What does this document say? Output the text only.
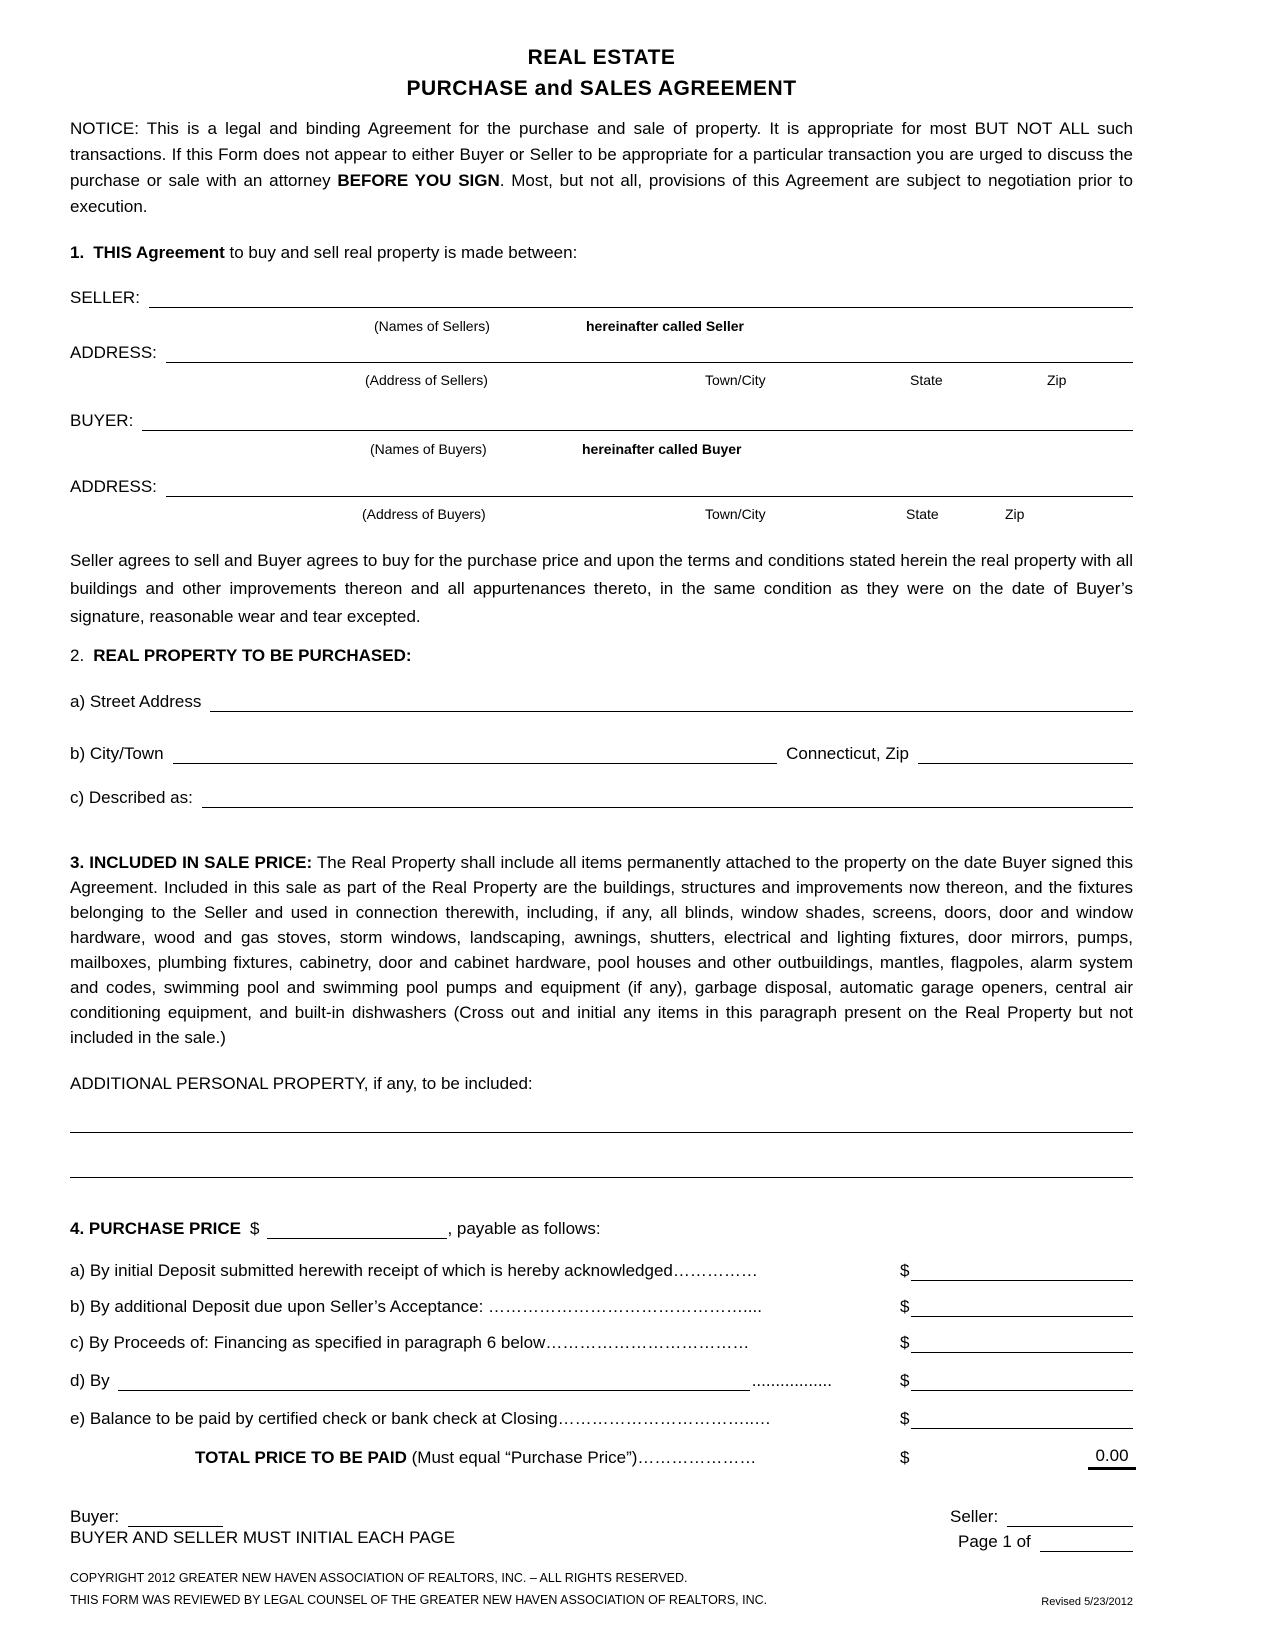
REAL ESTATE
PURCHASE and SALES AGREEMENT

NOTICE: This is a legal and binding Agreement for the purchase and sale of property. It is appropriate for most BUT NOT ALL such transactions. If this Form does not appear to either Buyer or Seller to be appropriate for a particular transaction you are urged to discuss the purchase or sale with an attorney BEFORE YOU SIGN. Most, but not all, provisions of this Agreement are subject to negotiation prior to execution.

1. THIS Agreement to buy and sell real property is made between:
SELLER:
(Names of Sellers)	hereinafter called Seller
ADDRESS:
(Address of Sellers)	Town/City	State	Zip
BUYER:
(Names of Buyers)	hereinafter called Buyer
ADDRESS:
(Address of Buyers)	Town/City	State	Zip

Seller agrees to sell and Buyer agrees to buy for the purchase price and upon the terms and conditions stated herein the real property with all buildings and other improvements thereon and all appurtenances thereto, in the same condition as they were on the date of Buyer’s signature, reasonable wear and tear excepted.

2. REAL PROPERTY TO BE PURCHASED:
a) Street Address
b) City/Town	Connecticut, Zip
c) Described as:

3. INCLUDED IN SALE PRICE: The Real Property shall include all items permanently attached to the property on the date Buyer signed this Agreement. Included in this sale as part of the Real Property are the buildings, structures and improvements now thereon, and the fixtures belonging to the Seller and used in connection therewith, including, if any, all blinds, window shades, screens, doors, door and window hardware, wood and gas stoves, storm windows, landscaping, awnings, shutters, electrical and lighting fixtures, door mirrors, pumps, mailboxes, plumbing fixtures, cabinetry, door and cabinet hardware, pool houses and other outbuildings, mantles, flagpoles, alarm system and codes, swimming pool and swimming pool pumps and equipment (if any), garbage disposal, automatic garage openers, central air conditioning equipment, and built-in dishwashers (Cross out and initial any items in this paragraph present on the Real Property but not included in the sale.)

ADDITIONAL PERSONAL PROPERTY, if any, to be included:
4. PURCHASE PRICE $	, payable as follows:
a) By initial Deposit submitted herewith receipt of which is hereby acknowledged……………	$
b) By additional Deposit due upon Seller’s Acceptance: ………………………………………....	$
c) By Proceeds of: Financing as specified in paragraph 6 below………………………………	$
d) By	.................	$
e) Balance to be paid by certified check or bank check at Closing……………………………..…	$
TOTAL PRICE TO BE PAID (Must equal “Purchase Price”)…………………	$	0.00
Buyer:	Seller:
BUYER AND SELLER MUST INITIAL EACH PAGE	Page 1 of
COPYRIGHT 2012 GREATER NEW HAVEN ASSOCIATION OF REALTORS, INC. – ALL RIGHTS RESERVED.
THIS FORM WAS REVIEWED BY LEGAL COUNSEL OF THE GREATER NEW HAVEN ASSOCIATION OF REALTORS, INC.	Revised 5/23/2012
